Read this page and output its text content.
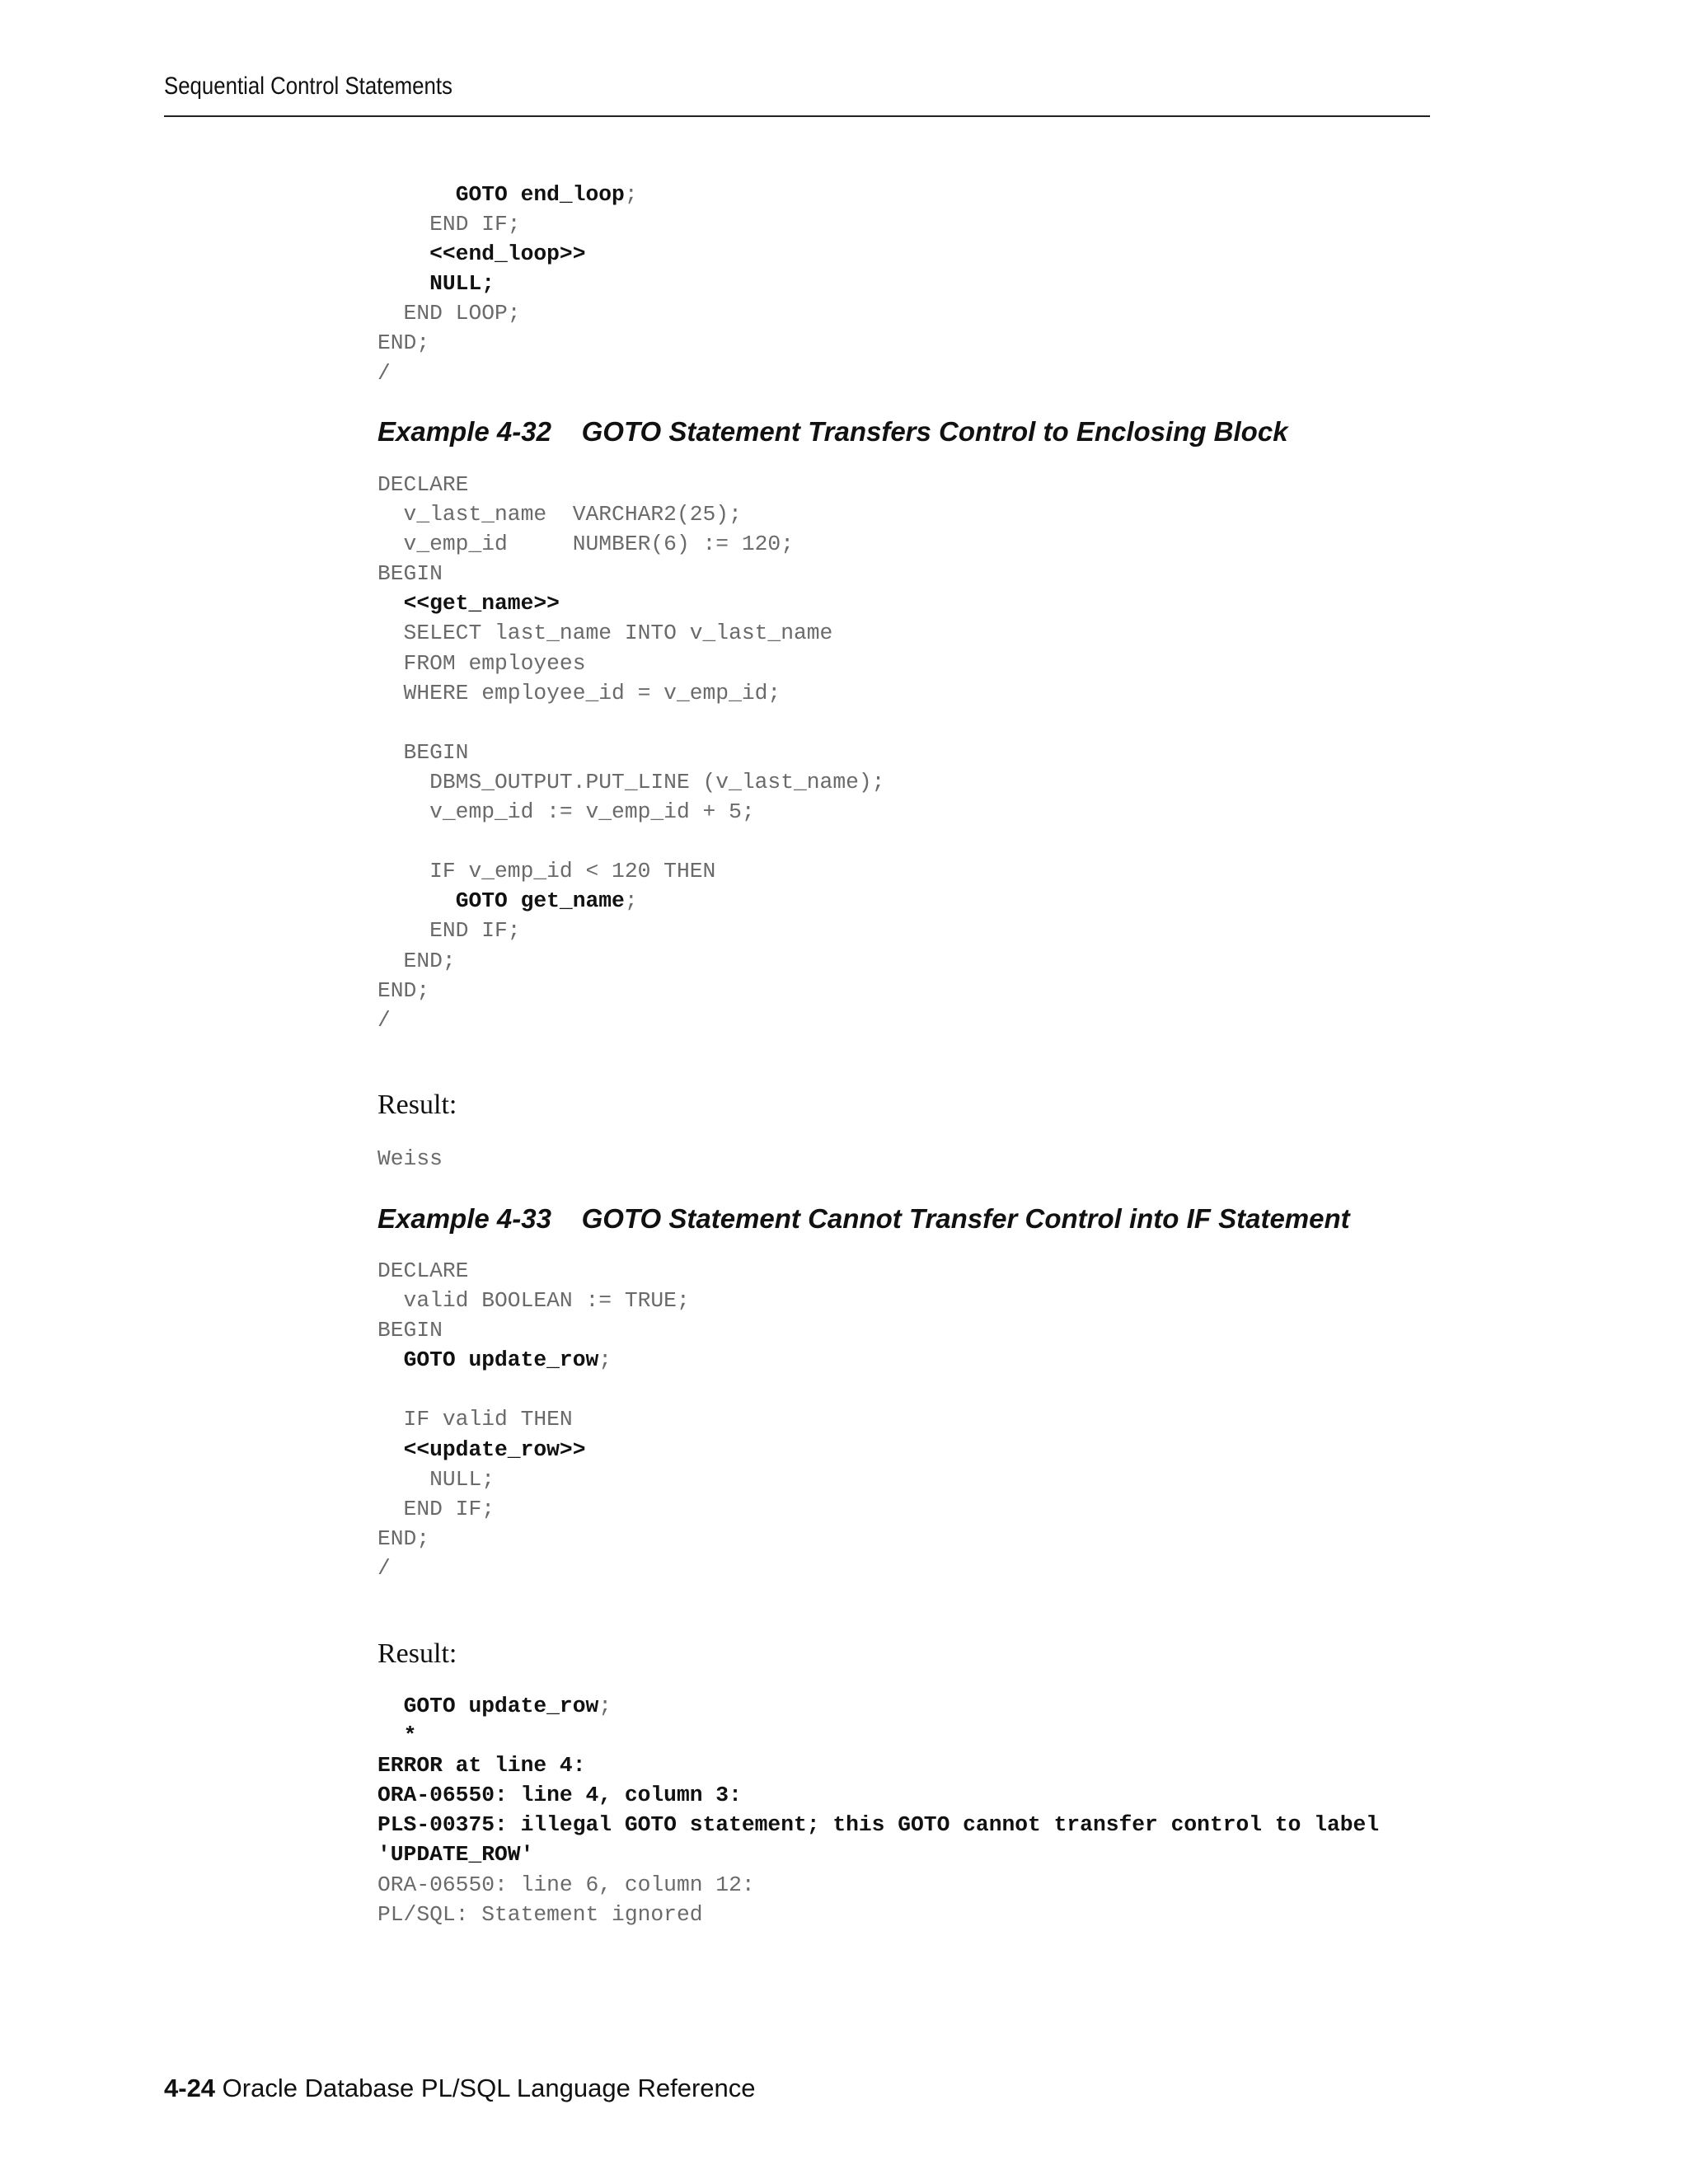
Sequential Control Statements
GOTO end_loop;
END IF;
<<end_loop>>
NULL;
END LOOP;
END;
/
Example 4-32    GOTO Statement Transfers Control to Enclosing Block
DECLARE
v_last_name  VARCHAR2(25);
v_emp_id     NUMBER(6) := 120;
BEGIN
<<get_name>>
SELECT last_name INTO v_last_name
FROM employees
WHERE employee_id = v_emp_id;

BEGIN
DBMS_OUTPUT.PUT_LINE (v_last_name);
v_emp_id := v_emp_id + 5;

IF v_emp_id < 120 THEN
GOTO get_name;
END IF;
END;
END;
/
Result:
Weiss
Example 4-33    GOTO Statement Cannot Transfer Control into IF Statement
DECLARE
valid BOOLEAN := TRUE;
BEGIN
GOTO update_row;

IF valid THEN
<<update_row>>
NULL;
END IF;
END;
/
Result:
GOTO update_row;
*
ERROR at line 4:
ORA-06550: line 4, column 3:
PLS-00375: illegal GOTO statement; this GOTO cannot transfer control to label
'UPDATE_ROW'
ORA-06550: line 6, column 12:
PL/SQL: Statement ignored
4-24 Oracle Database PL/SQL Language Reference
